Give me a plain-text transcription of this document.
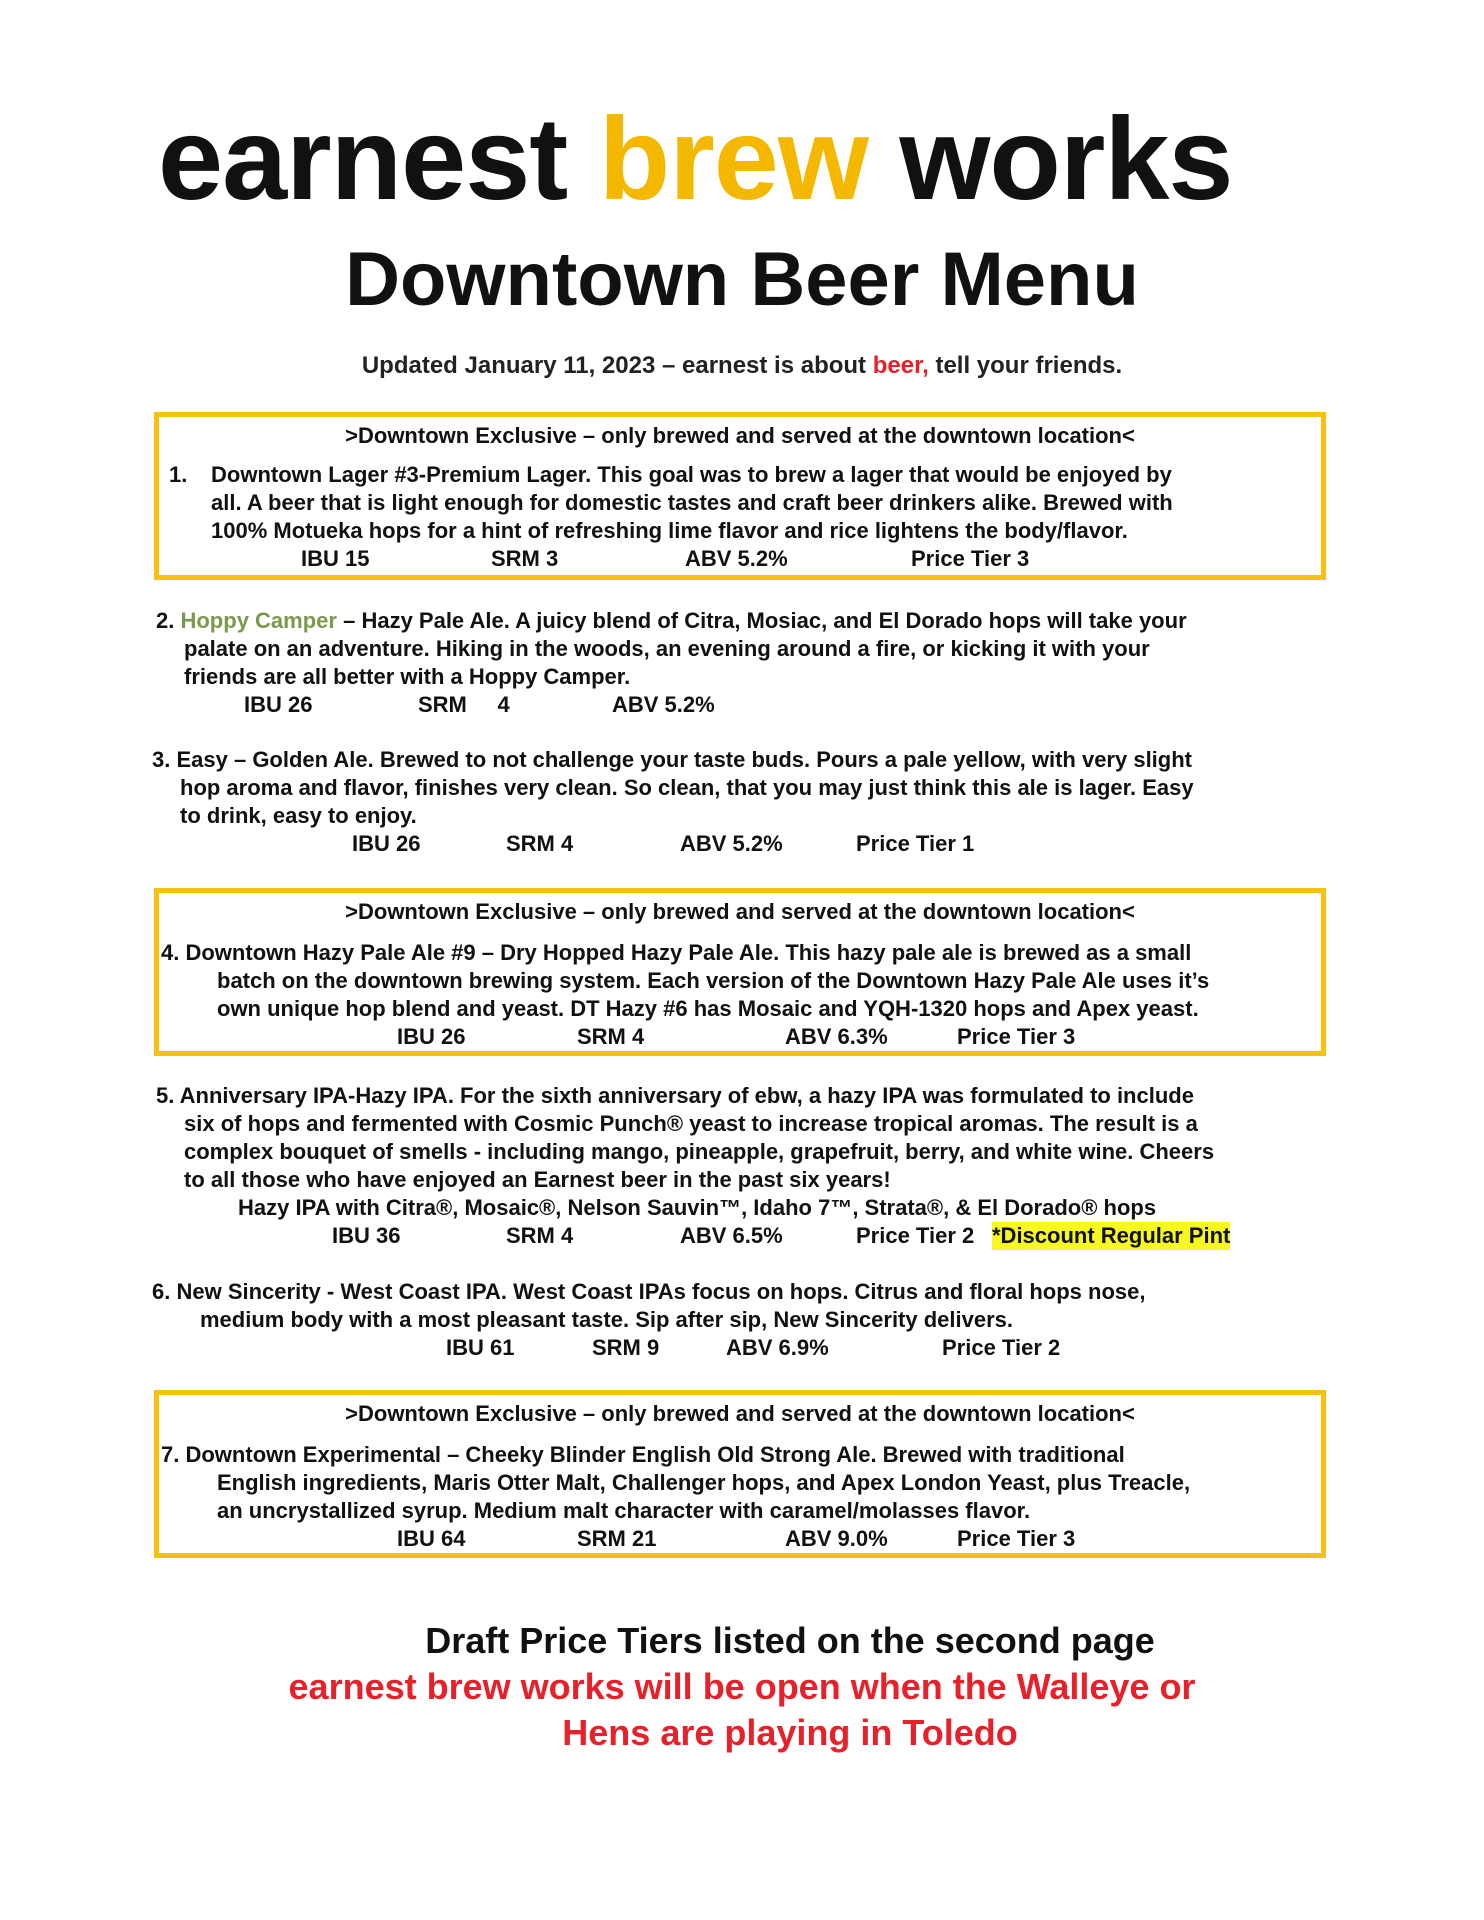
earnest brew works
Downtown Beer Menu
Updated January 11, 2023 – earnest is about beer, tell your friends.
>Downtown Exclusive – only brewed and served at the downtown location<
1. Downtown Lager #3-Premium Lager. This goal was to brew a lager that would be enjoyed by
all. A beer that is light enough for domestic tastes and craft beer drinkers alike. Brewed with
100% Motueka hops for a hint of refreshing lime flavor and rice lightens the body/flavor.
IBU 15	SRM 3	ABV 5.2%	Price Tier 3
2. Hoppy Camper – Hazy Pale Ale. A juicy blend of Citra, Mosiac, and El Dorado hops will take your
palate on an adventure. Hiking in the woods, an evening around a fire, or kicking it with your
friends are all better with a Hoppy Camper.
IBU 26	SRM     4	ABV 5.2%
3. Easy – Golden Ale. Brewed to not challenge your taste buds. Pours a pale yellow, with very slight
hop aroma and flavor, finishes very clean. So clean, that you may just think this ale is lager. Easy
to drink, easy to enjoy.
IBU 26	SRM 4	ABV 5.2%	Price Tier 1
>Downtown Exclusive – only brewed and served at the downtown location<
4. Downtown Hazy Pale Ale #9 – Dry Hopped Hazy Pale Ale. This hazy pale ale is brewed as a small
batch on the downtown brewing system. Each version of the Downtown Hazy Pale Ale uses it’s
own unique hop blend and yeast. DT Hazy #6 has Mosaic and YQH-1320 hops and Apex yeast.
IBU 26	SRM 4	ABV 6.3%	Price Tier 3
5. Anniversary IPA-Hazy IPA. For the sixth anniversary of ebw, a hazy IPA was formulated to include
six of hops and fermented with Cosmic Punch® yeast to increase tropical aromas. The result is a
complex bouquet of smells - including mango, pineapple, grapefruit, berry, and white wine. Cheers
to all those who have enjoyed an Earnest beer in the past six years!
Hazy IPA with Citra®, Mosaic®, Nelson Sauvin™, Idaho 7™, Strata®, & El Dorado® hops
IBU 36	SRM 4	ABV 6.5%	Price Tier 2 *Discount Regular Pint
6. New Sincerity - West Coast IPA. West Coast IPAs focus on hops. Citrus and floral hops nose,
medium body with a most pleasant taste. Sip after sip, New Sincerity delivers.
IBU 61	SRM 9	ABV 6.9%	Price Tier 2
>Downtown Exclusive – only brewed and served at the downtown location<
7. Downtown Experimental – Cheeky Blinder English Old Strong Ale. Brewed with traditional
English ingredients, Maris Otter Malt, Challenger hops, and Apex London Yeast, plus Treacle,
an uncrystallized syrup. Medium malt character with caramel/molasses flavor.
IBU 64	SRM 21	ABV 9.0%	Price Tier 3
Draft Price Tiers listed on the second page
earnest brew works will be open when the Walleye or
Hens are playing in Toledo
